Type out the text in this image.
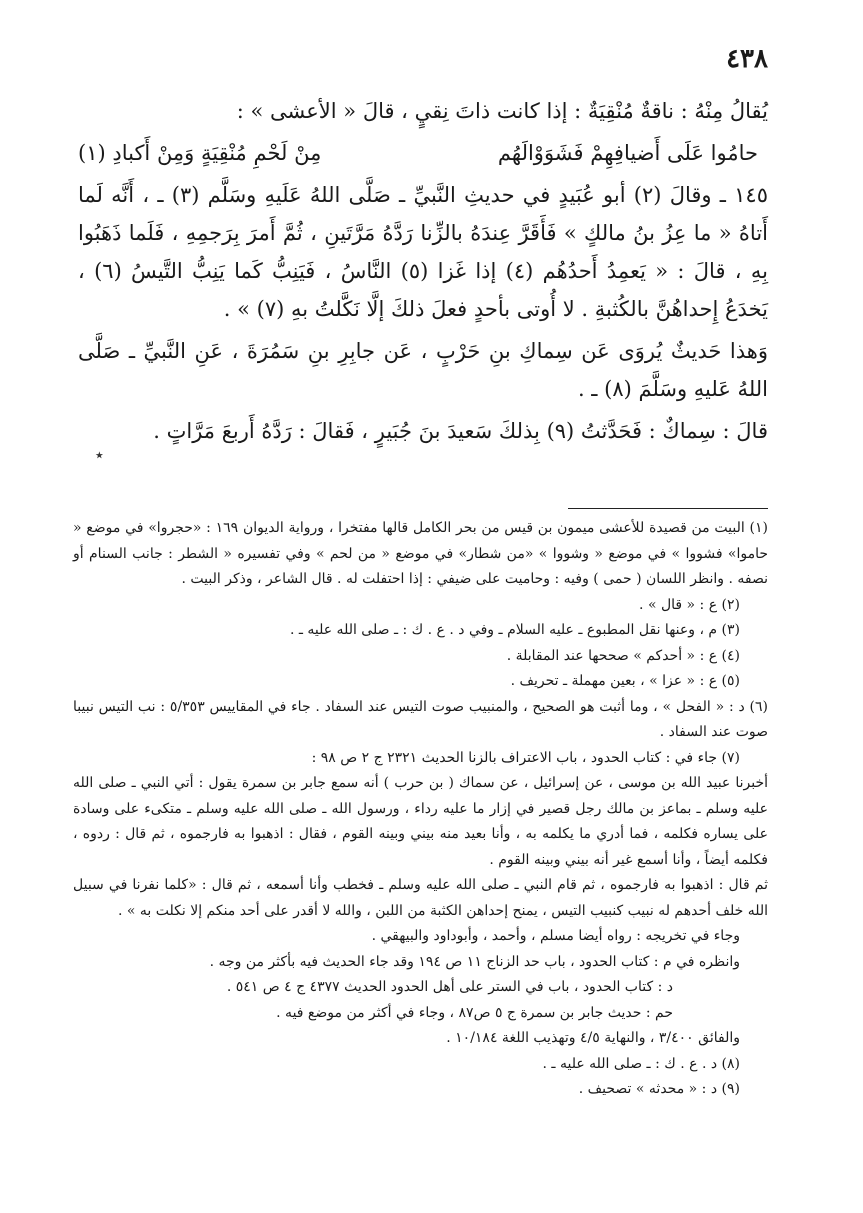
٤٣٨

يُقالُ مِنْهُ : ناقةٌ مُنْقِيَةٌ : إذا كانت ذاتَ نِقيٍ ، قالَ « الأعشى » :

حامُوا عَلَى أَضيافِهِمْ فَشَوَوْالَهُم
مِنْ لَحْمِ مُنْقِيَةٍ وَمِنْ أَكبادِ (١)

١٤٥ ـ وقالَ (٢) أبو عُبَيدٍ في حديثِ النَّبيِّ ـ صَلَّى اللهُ عَلَيهِ وسَلَّم (٣) ـ ، أَنَّه لَما أَتاهُ « ما عِزُ بنُ مالكٍ » فَأَقَرَّ عِندَهُ بالزِّنا رَدَّهُ مَرَّتَينِ ، ثُمَّ أَمرَ بِرَجمِهِ ، فَلَما ذَهَبُوا بِهِ ، قالَ : « يَعمِدُ أَحدُهُم (٤) إذا غَزا (٥) النَّاسُ ، فَيَنِبُّ كَما يَنِبُّ التَّيسُ (٦) ، يَخدَعُ إِحداهُنَّ بالكُثبةِ . لا أُوتى بأحدٍ فعلَ ذلكَ إلَّا نَكَّلتُ بهِ (٧) » .

وَهذا حَديثٌ يُروَى عَن سِماكِ بنِ حَرْبٍ ، عَن جابِرِ بنِ سَمُرَةَ ، عَنِ النَّبيِّ ـ صَلَّى اللهُ عَليهِ وسَلَّمَ (٨) ـ .

قالَ : سِماكٌ : فَحَدَّثتُ (٩) بِذلكَ سَعيدَ بنَ جُبَيرٍ ، فَقالَ : رَدَّهُ أَربعَ مَرَّاتٍ .

٭

(١) البيت من قصيدة للأعشى ميمون بن قيس من بحر الكامل قالها مفتخرا ، ورواية الديوان ١٦٩ : «حجروا» في موضع « حاموا» فشووا » في موضع « وشووا » «من شطار» في موضع « من لحم » وفي تفسيره « الشطر : جانب السنام أو نصفه . وانظر اللسان ( حمى ) وفيه : وحاميت على ضيفي : إذا احتفلت له . قال الشاعر ، وذكر البيت .

(٢) ع : « قال » .

(٣) م ، وعنها نقل المطبوع ـ عليه السلام ـ وفي د . ع . ك : ـ صلى الله عليه ـ .

(٤) ع : « أحدكم » صححها عند المقابلة .

(٥) ع : « عزا » ، بعين مهملة ـ تحريف .

(٦) د : « الفحل » ، وما أثبت هو الصحيح ، والمنبيب صوت التيس عند السفاد . جاء في المقاييس ٥/٣٥٣ : نب التيس نبيبا صوت عند السفاد .

(٧) جاء في : كتاب الحدود ، باب الاعتراف بالزنا الحديث ٢٣٢١ ج ٢ ص ٩٨ :

أخبرنا عبيد الله بن موسى ، عن إسرائيل ، عن سماك ( بن حرب ) أنه سمع جابر بن سمرة يقول : أتي النبي ـ صلى الله عليه وسلم ـ بماعز بن مالك رجل قصير في إزار ما عليه رداء ، ورسول الله ـ صلى الله عليه وسلم ـ متكىء على وسادة على يساره فكلمه ، فما أدري ما يكلمه به ، وأنا بعيد منه بيني وبينه القوم ، فقال : اذهبوا به فارجموه ، ثم قال : ردوه ، فكلمه أيضاً ، وأنا أسمع غير أنه بيني وبينه القوم .

ثم قال : اذهبوا به فارجموه ، ثم قام النبي ـ صلى الله عليه وسلم ـ فخطب وأنا أسمعه ، ثم قال : «كلما نفرنا في سبيل الله خلف أحدهم له نبيب كنبيب التيس ، يمنح إحداهن الكثبة من اللبن ، والله لا أقدر على أحد منكم إلا نكلت به » .

وجاء في تخريجه : رواه أيضا مسلم ، وأحمد ، وأبوداود والبيهقي .

وانظره في م : كتاب الحدود ، باب حد الزناج ١١ ص ١٩٤ وقد جاء الحديث فيه بأكثر من وجه .

د : كتاب الحدود ، باب في الستر على أهل الحدود الحديث ٤٣٧٧ ج ٤ ص ٥٤١ .

حم : حديث جابر بن سمرة ج ٥ ص٨٧ ، وجاء في أكثر من موضع فيه .

والفائق ٣/٤٠٠ ، والنهاية ٤/٥ وتهذيب اللغة ١٠/١٨٤ .

(٨) د . ع . ك : ـ صلى الله عليه ـ .

(٩) د : « محدثه » تصحيف .
